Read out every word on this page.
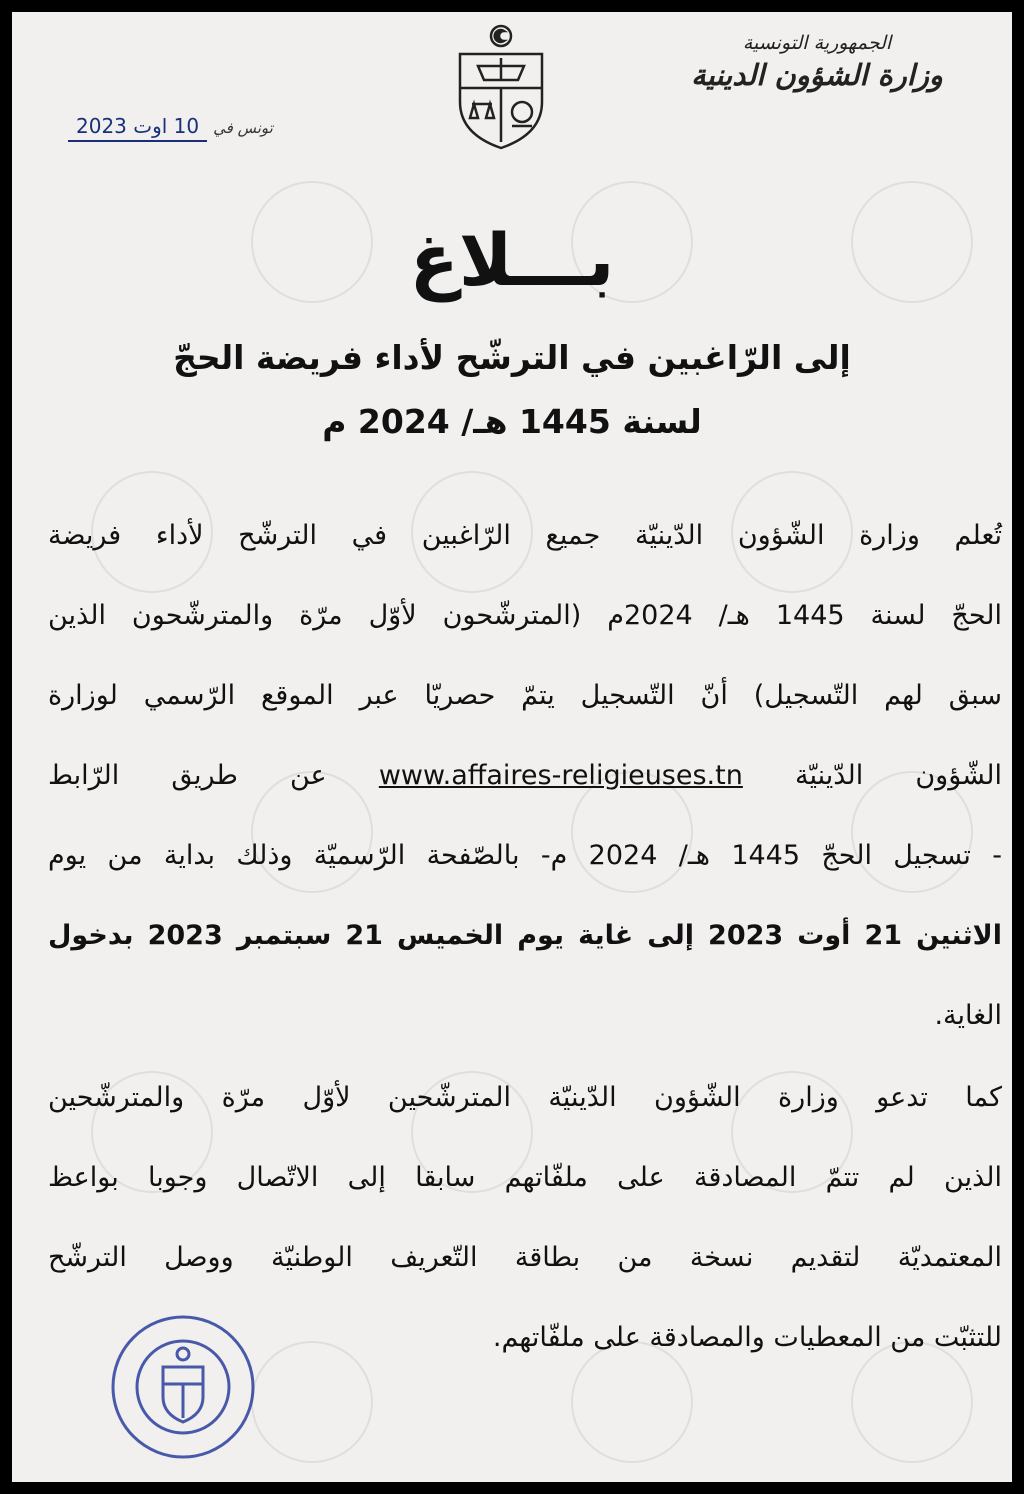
الجمهورية التونسية
وزارة الشؤون الدينية
تونس في
10 اوت 2023
بـــلاغ
إلى الرّاغبين في الترشّح لأداء فريضة الحجّ
لسنة 1445 هـ/ 2024 م
تُعلم وزارة الشّؤون الدّينيّة جميع الرّاغبين في الترشّح لأداء فريضة
الحجّ لسنة 1445 هـ/ 2024م (المترشّحون لأوّل مرّة والمترشّحون الذين
سبق لهم التّسجيل) أنّ التّسجيل يتمّ حصريّا عبر الموقع الرّسمي لوزارة
الشّؤون الدّينيّة www.affaires-religieuses.tn عن طريق الرّابط
- تسجيل الحجّ 1445 هـ/ 2024 م- بالصّفحة الرّسميّة وذلك بداية من يوم
الاثنين 21 أوت 2023 إلى غاية يوم الخميس 21 سبتمبر 2023 بدخول
الغاية.
كما تدعو وزارة الشّؤون الدّينيّة المترشّحين لأوّل مرّة والمترشّحين
الذين لم تتمّ المصادقة على ملفّاتهم سابقا إلى الاتّصال وجوبا بواعظ
المعتمديّة لتقديم نسخة من بطاقة التّعريف الوطنيّة ووصل الترشّح
للتثبّت من المعطيات والمصادقة على ملفّاتهم.
